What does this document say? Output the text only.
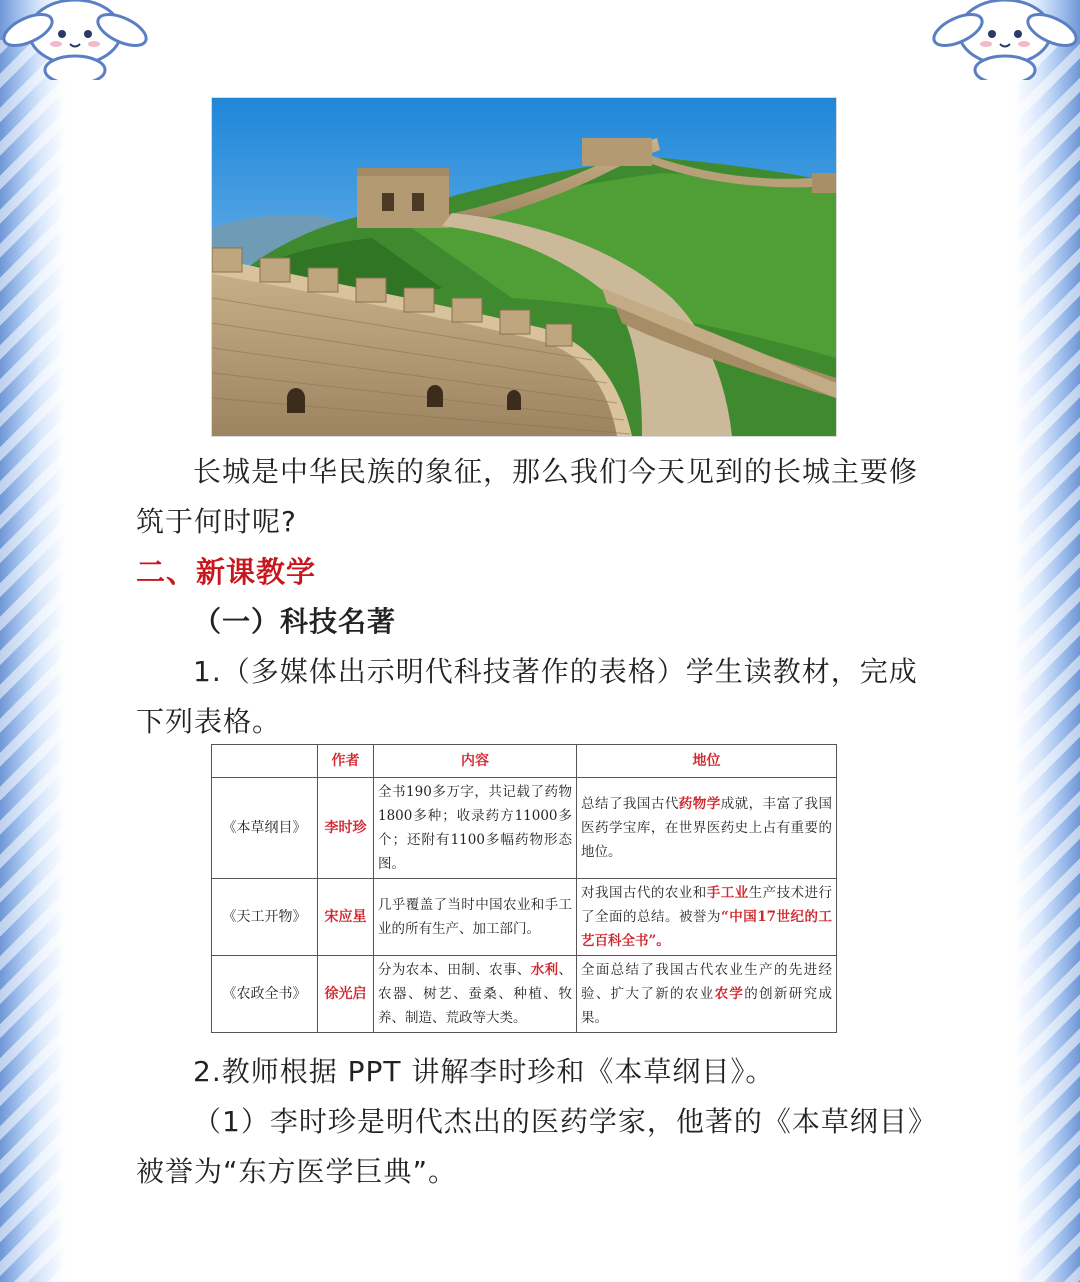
长城是中华民族的象征，那么我们今天见到的长城主要修
筑于何时呢?
二、新课教学
（一）科技名著
1.（多媒体出示明代科技著作的表格）学生读教材，完成
下列表格。
	作者	内容	地位
《本草纲目》	李时珍	全书190多万字，共记载了药物1800多种；收录药方11000多个；还附有1100多幅药物形态图。	总结了我国古代药物学成就，丰富了我国医药学宝库，在世界医药史上占有重要的地位。
《天工开物》	宋应星	几乎覆盖了当时中国农业和手工业的所有生产、加工部门。	对我国古代的农业和手工业生产技术进行了全面的总结。被誉为“中国17世纪的工艺百科全书”。
《农政全书》	徐光启	分为农本、田制、农事、水利、农器、树艺、蚕桑、种植、牧养、制造、荒政等大类。	全面总结了我国古代农业生产的先进经验、扩大了新的农业农学的创新研究成果。
2.教师根据 PPT 讲解李时珍和《本草纲目》。
（1）李时珍是明代杰出的医药学家，他著的《本草纲目》
被誉为“东方医学巨典”。
